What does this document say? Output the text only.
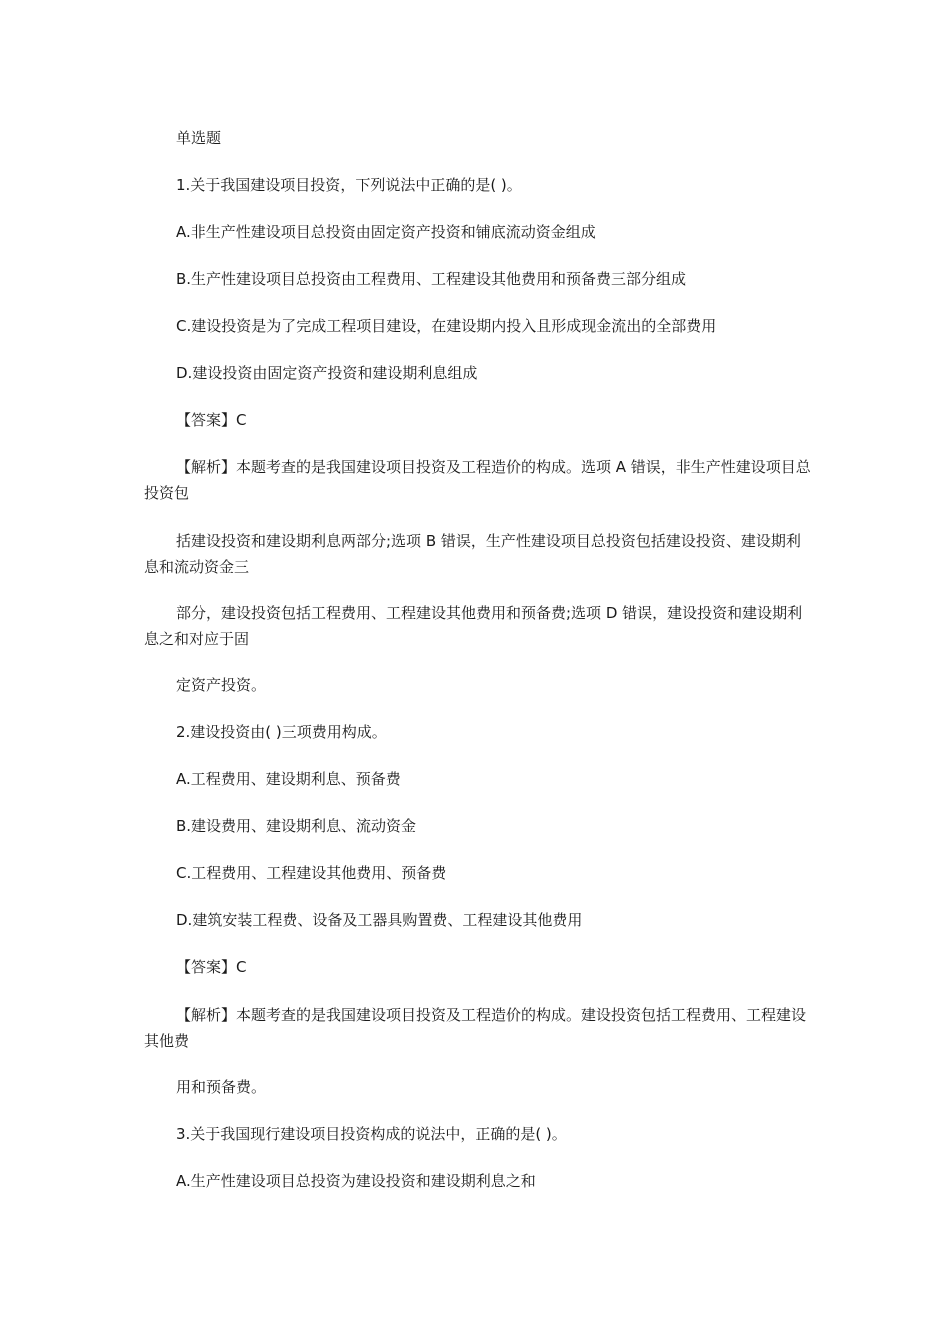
单选题
1.关于我国建设项目投资，下列说法中正确的是( )。
A.非生产性建设项目总投资由固定资产投资和铺底流动资金组成
B.生产性建设项目总投资由工程费用、工程建设其他费用和预备费三部分组成
C.建设投资是为了完成工程项目建设，在建设期内投入且形成现金流出的全部费用
D.建设投资由固定资产投资和建设期利息组成
【答案】C
【解析】本题考查的是我国建设项目投资及工程造价的构成。选项 A 错误，非生产性建设项目总投资包
括建设投资和建设期利息两部分;选项 B 错误，生产性建设项目总投资包括建设投资、建设期利息和流动资金三
部分，建设投资包括工程费用、工程建设其他费用和预备费;选项 D 错误，建设投资和建设期利息之和对应于固
定资产投资。
2.建设投资由( )三项费用构成。
A.工程费用、建设期利息、预备费
B.建设费用、建设期利息、流动资金
C.工程费用、工程建设其他费用、预备费
D.建筑安装工程费、设备及工器具购置费、工程建设其他费用
【答案】C
【解析】本题考查的是我国建设项目投资及工程造价的构成。建设投资包括工程费用、工程建设其他费
用和预备费。
3.关于我国现行建设项目投资构成的说法中，正确的是( )。
A.生产性建设项目总投资为建设投资和建设期利息之和
